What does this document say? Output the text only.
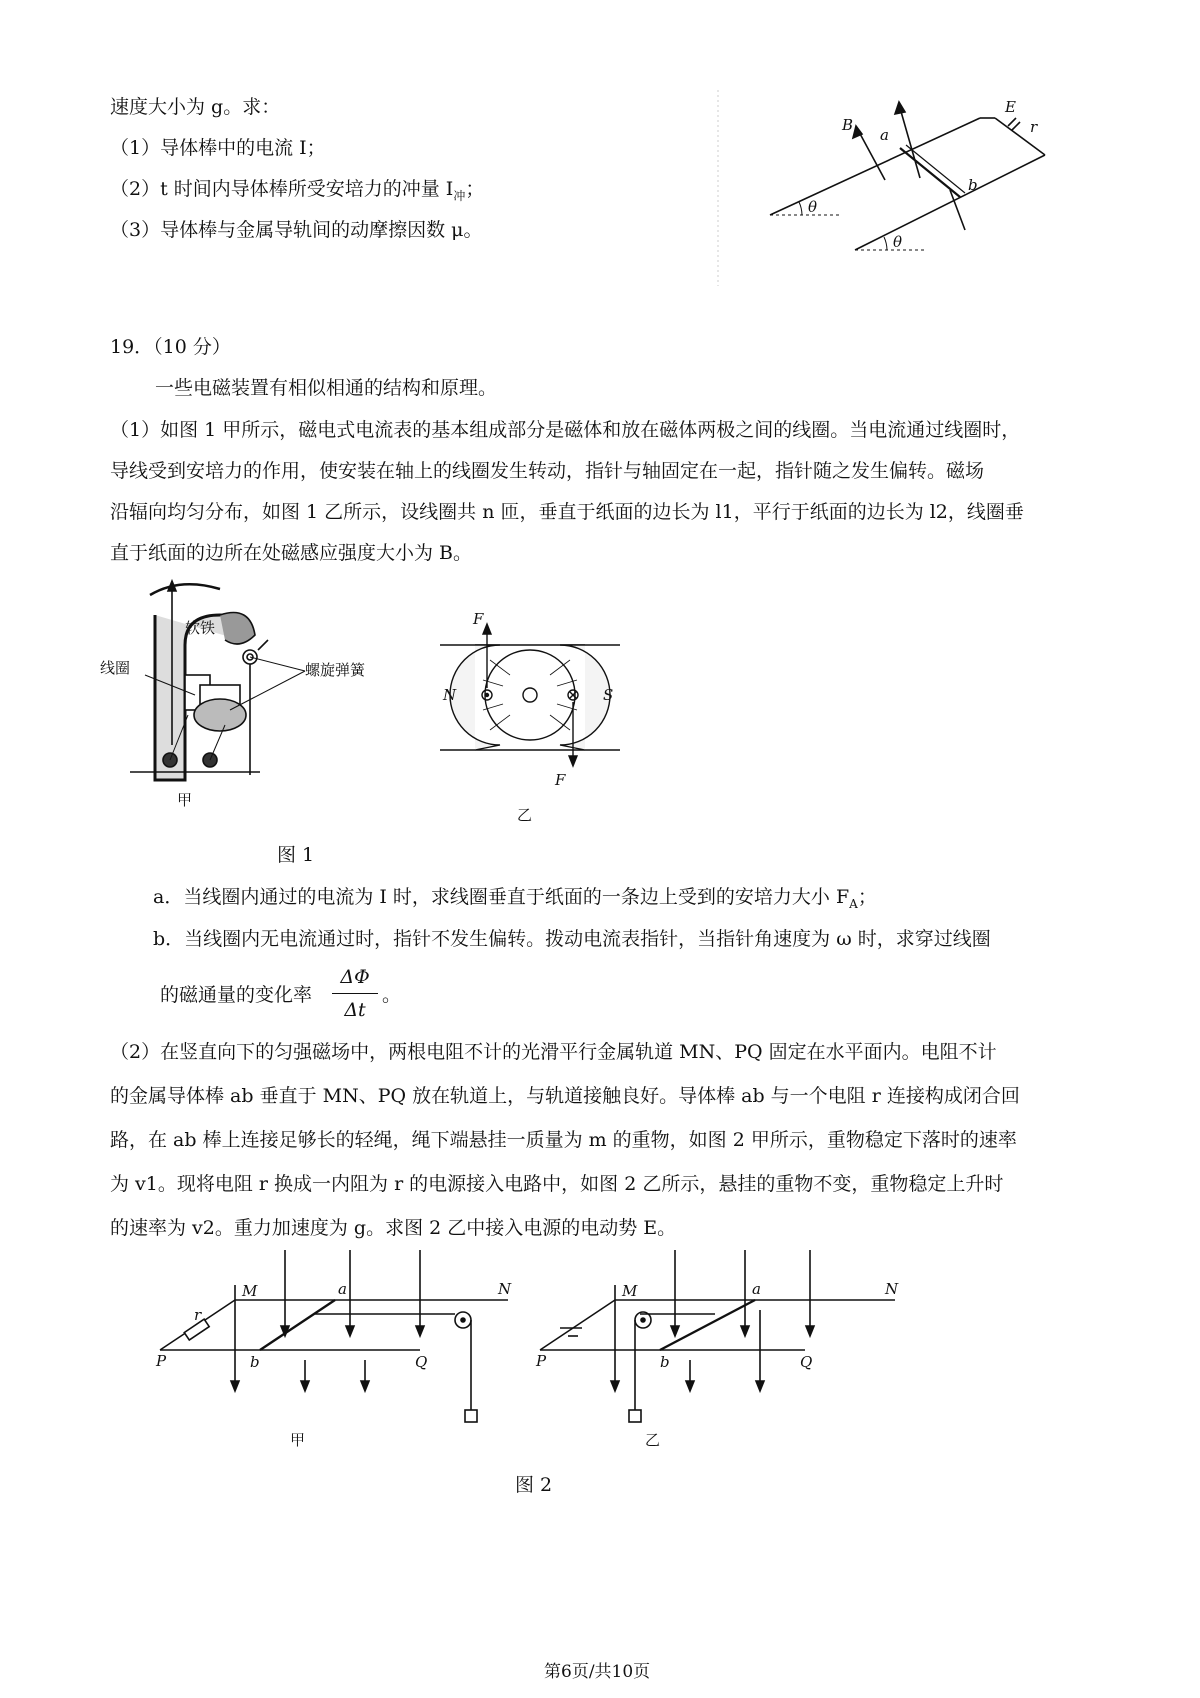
速度大小为 g。求：
（1）导体棒中的电流 I；
（2）t 时间内导体棒所受安培力的冲量 $I_冲$；
（3）导体棒与金属导轨间的动摩擦因数 μ。
B
a
E
r
θ
b
θ
19．（10 分）
一些电磁装置有相似相通的结构和原理。
（1）如图 1 甲所示，磁电式电流表的基本组成部分是磁体和放在磁体两极之间的线圈。当电流通过线圈时，
导线受到安培力的作用，使安装在轴上的线圈发生转动，指针与轴固定在一起，指针随之发生偏转。磁场
沿辐向均匀分布，如图 1 乙所示，设线圈共 n 匝，垂直于纸面的边长为 l1，平行于纸面的边长为 l2，线圈垂
直于纸面的边所在处磁感应强度大小为 B。
软铁
线圈	螺旋弹簧
甲
F
N	S
F
乙
图 1
a．当线圈内通过的电流为 I 时，求线圈垂直于纸面的一条边上受到的安培力大小 $F_A$；
b．当线圈内无电流通过时，指针不发生偏转。拨动电流表指针，当指针角速度为 ω 时，求穿过线圈
的磁通量的变化率
ΔΦ
Δt
。
（2）在竖直向下的匀强磁场中，两根电阻不计的光滑平行金属轨道 MN、PQ 固定在水平面内。电阻不计
的金属导体棒 ab 垂直于 MN、PQ 放在轨道上，与轨道接触良好。导体棒 ab 与一个电阻 r 连接构成闭合回
路，在 ab 棒上连接足够长的轻绳，绳下端悬挂一质量为 m 的重物，如图 2 甲所示，重物稳定下落时的速率
为 v1。现将电阻 r 换成一内阻为 r 的电源接入电路中，如图 2 乙所示，悬挂的重物不变，重物稳定上升时
的速率为 v2。重力加速度为 g。求图 2 乙中接入电源的电动势 E。
M	a	N
r
P	b	Q
甲
M	a	N
P	b	Q
乙
图 2
第6页/共10页
